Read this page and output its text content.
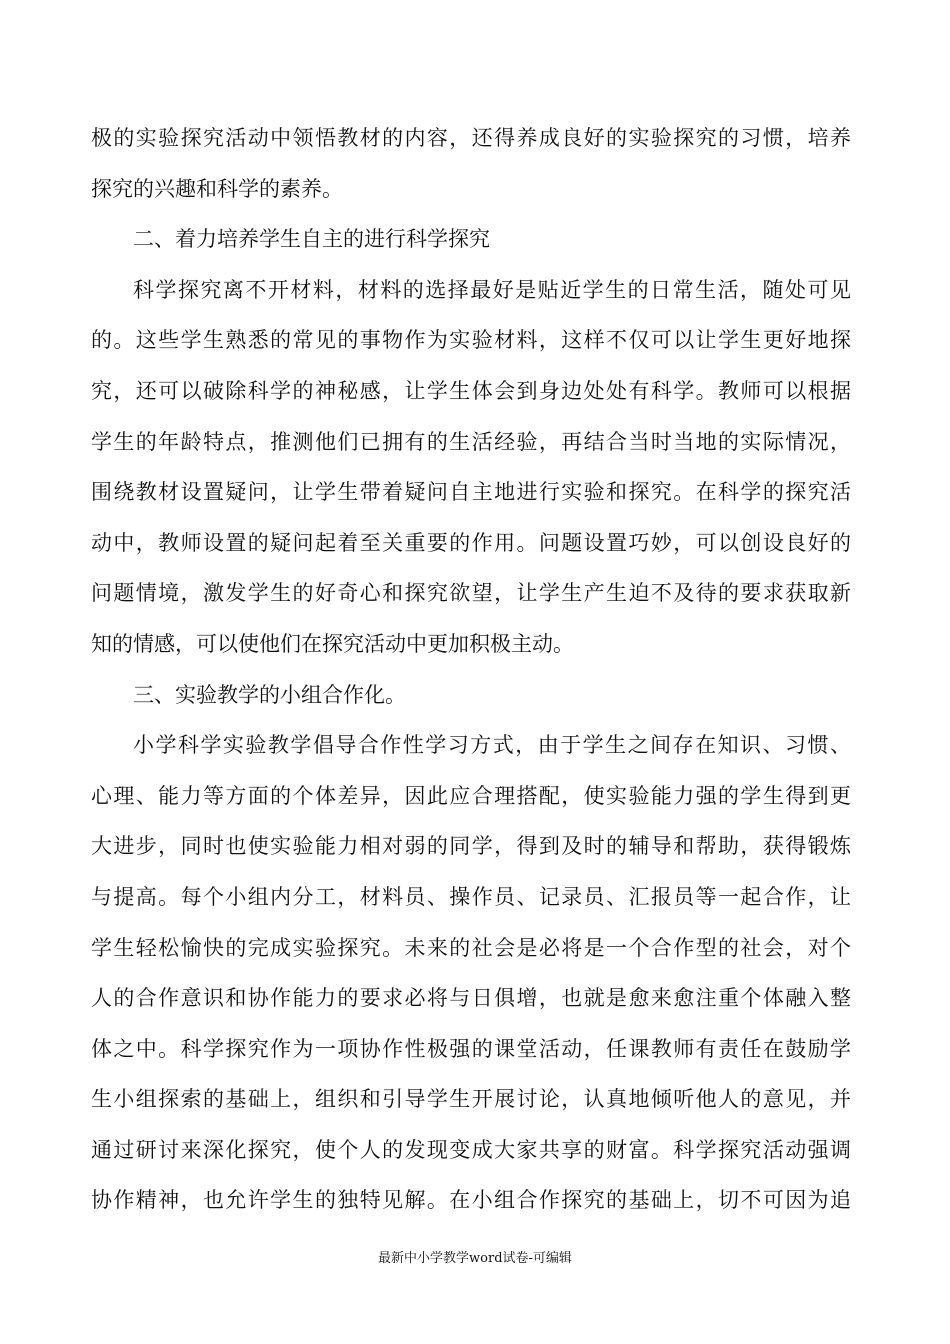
极的实验探究活动中领悟教材的内容，还得养成良好的实验探究的习惯，培养
探究的兴趣和科学的素养。
二、着力培养学生自主的进行科学探究
科学探究离不开材料，材料的选择最好是贴近学生的日常生活，随处可见
的。这些学生熟悉的常见的事物作为实验材料，这样不仅可以让学生更好地探
究，还可以破除科学的神秘感，让学生体会到身边处处有科学。教师可以根据
学生的年龄特点，推测他们已拥有的生活经验，再结合当时当地的实际情况，
围绕教材设置疑问，让学生带着疑问自主地进行实验和探究。在科学的探究活
动中，教师设置的疑问起着至关重要的作用。问题设置巧妙，可以创设良好的
问题情境，激发学生的好奇心和探究欲望，让学生产生迫不及待的要求获取新
知的情感，可以使他们在探究活动中更加积极主动。
三、实验教学的小组合作化。
小学科学实验教学倡导合作性学习方式，由于学生之间存在知识、习惯、
心理、能力等方面的个体差异，因此应合理搭配，使实验能力强的学生得到更
大进步，同时也使实验能力相对弱的同学，得到及时的辅导和帮助，获得锻炼
与提高。每个小组内分工，材料员、操作员、记录员、汇报员等一起合作，让
学生轻松愉快的完成实验探究。未来的社会是必将是一个合作型的社会，对个
人的合作意识和协作能力的要求必将与日俱增，也就是愈来愈注重个体融入整
体之中。科学探究作为一项协作性极强的课堂活动，任课教师有责任在鼓励学
生小组探索的基础上，组织和引导学生开展讨论，认真地倾听他人的意见，并
通过研讨来深化探究，使个人的发现变成大家共享的财富。科学探究活动强调
协作精神，也允许学生的独特见解。在小组合作探究的基础上，切不可因为追
最新中小学教学word试卷-可编辑
